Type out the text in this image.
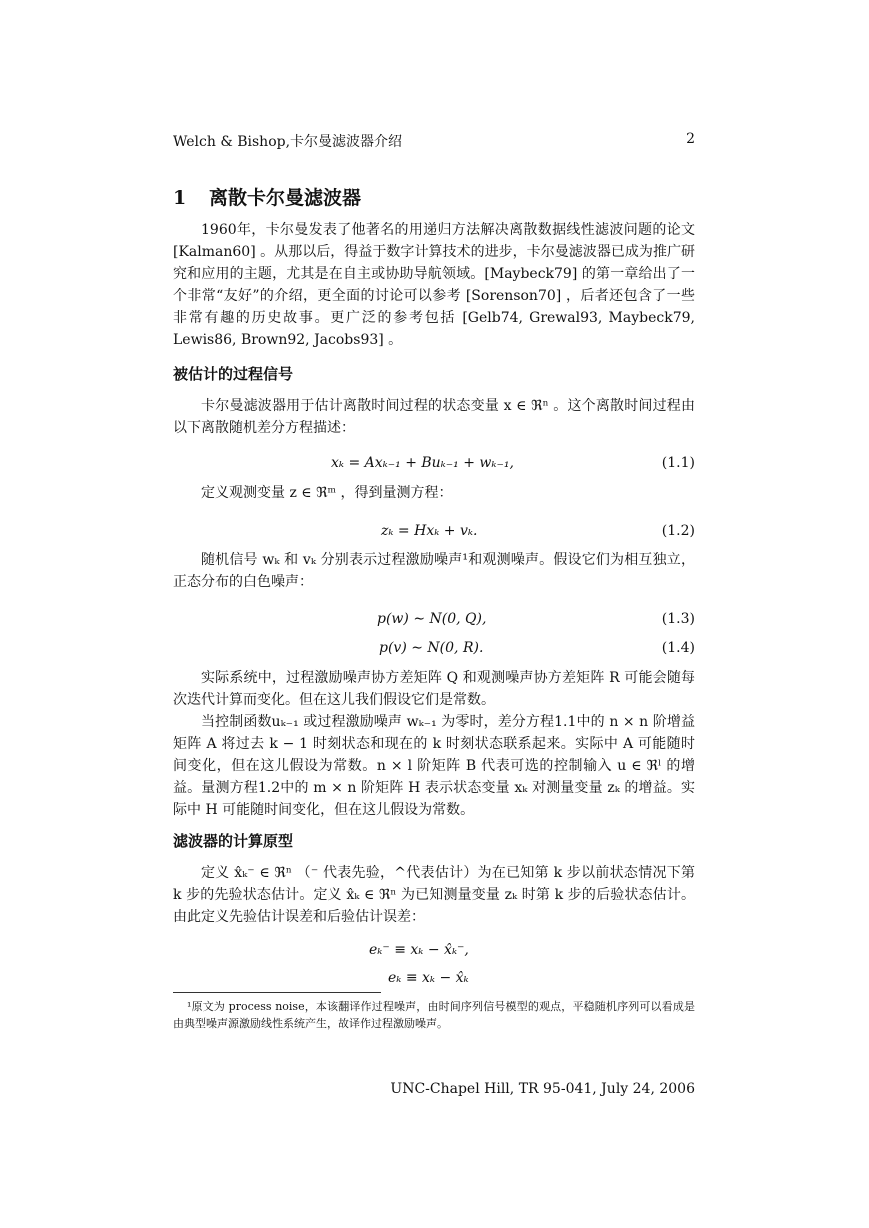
Welch & Bishop,卡尔曼滤波器介绍	2
1 离散卡尔曼滤波器
1960年，卡尔曼发表了他著名的用递归方法解决离散数据线性滤波问题的论文 [Kalman60] 。从那以后，得益于数字计算技术的进步，卡尔曼滤波器已成为推广研究和应用的主题，尤其是在自主或协助导航领域。[Maybeck79] 的第一章给出了一个非常“友好”的介绍，更全面的讨论可以参考 [Sorenson70] ，后者还包含了一些非常有趣的历史故事。更广泛的参考包括 [Gelb74, Grewal93, Maybeck79, Lewis86, Brown92, Jacobs93] 。
被估计的过程信号
卡尔曼滤波器用于估计离散时间过程的状态变量 x ∈ ℜⁿ 。这个离散时间过程由以下离散随机差分方程描述：
xₖ = Axₖ₋₁ + Buₖ₋₁ + wₖ₋₁,	(1.1)
定义观测变量 z ∈ ℜᵐ ，得到量测方程：
zₖ = Hxₖ + vₖ.	(1.2)
随机信号 wₖ 和 vₖ 分别表示过程激励噪声¹和观测噪声。假设它们为相互独立，正态分布的白色噪声：
p(w) ∼ N(0, Q),	(1.3)
p(v) ∼ N(0, R).	(1.4)
实际系统中，过程激励噪声协方差矩阵 Q 和观测噪声协方差矩阵 R 可能会随每次迭代计算而变化。但在这儿我们假设它们是常数。
当控制函数uₖ₋₁ 或过程激励噪声 wₖ₋₁ 为零时，差分方程1.1中的 n × n 阶增益矩阵 A 将过去 k − 1 时刻状态和现在的 k 时刻状态联系起来。实际中 A 可能随时间变化，但在这儿假设为常数。n × l 阶矩阵 B 代表可选的控制输入 u ∈ ℜˡ 的增益。量测方程1.2中的 m × n 阶矩阵 H 表示状态变量 xₖ 对测量变量 zₖ 的增益。实际中 H 可能随时间变化，但在这儿假设为常数。
滤波器的计算原型
定义 x̂ₖ⁻ ∈ ℜⁿ （⁻ 代表先验，^代表估计）为在已知第 k 步以前状态情况下第 k 步的先验状态估计。定义 x̂ₖ ∈ ℜⁿ 为已知测量变量 zₖ 时第 k 步的后验状态估计。由此定义先验估计误差和后验估计误差：
eₖ⁻ ≡ xₖ − x̂ₖ⁻,
eₖ ≡ xₖ − x̂ₖ
¹原文为 process noise，本该翻译作过程噪声，由时间序列信号模型的观点，平稳随机序列可以看成是由典型噪声源激励线性系统产生，故译作过程激励噪声。
UNC-Chapel Hill, TR 95-041, July 24, 2006
